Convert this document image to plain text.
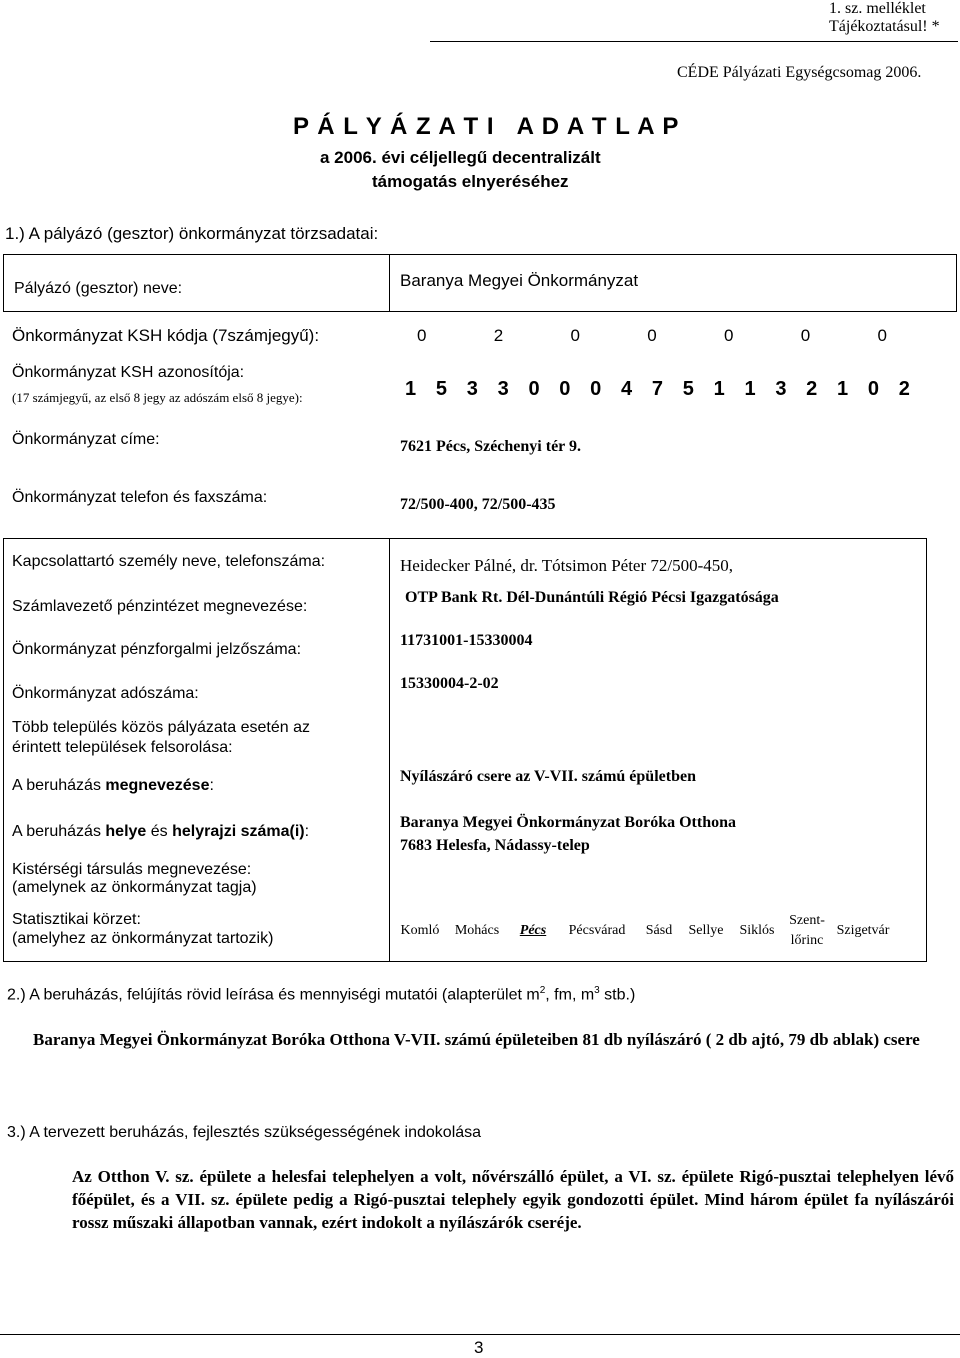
1. sz. melléklet
Tájékoztatásul! *
CÉDE Pályázati Egységcsomag 2006.
P Á L Y Á Z A T I   A D A T L A P
a 2006. évi céljellegű decentralizált
támogatás elnyeréséhez
1.) A pályázó (gesztor) önkormányzat törzsadatai:
Pályázó (gesztor) neve:	Baranya Megyei Önkormányzat
Önkormányzat KSH kódja (7számjegyű):	0	2	0	0	0	0	0
Önkormányzat KSH azonosítója:
(17 számjegyű, az első 8 jegy az adószám első 8 jegye):	1 5 3 3 0 0 0 4 7 5 1 1 3 2 1 0 2
Önkormányzat címe:	7621 Pécs, Széchenyi tér 9.
Önkormányzat telefon és faxszáma:	72/500-400, 72/500-435
Kapcsolattartó személy neve, telefonszáma:	Heidecker Pálné, dr. Tótsimon Péter 72/500-450,
Számlavezető pénzintézet megnevezése:
OTP Bank Rt. Dél-Dunántúli Régió Pécsi Igazgatósága
Önkormányzat pénzforgalmi jelzőszáma:
11731001-15330004
Önkormányzat adószáma:
15330004-2-02
Több település közös pályázata esetén az
érintett települések felsorolása:
A beruházás megnevezése:
Nyílászáró csere az V-VII. számú épületben
A beruházás helye és helyrajzi száma(i):
Baranya Megyei Önkormányzat Boróka Otthona
7683 Helesfa, Nádassy-telep
Kistérségi társulás megnevezése:
(amelynek az önkormányzat tagja)
Statisztikai körzet:
(amelyhez az önkormányzat tartozik)	Komló	Mohács	Pécs	Pécsvárad	Sásd	Sellye	Siklós
Szent-
lőrinc
Szigetvár
2.) A beruházás, felújítás rövid leírása és mennyiségi mutatói (alapterület $m^2$, fm, $m^3$ stb.)
Baranya Megyei Önkormányzat Boróka Otthona V-VII. számú épületeiben 81 db nyílászáró ( 2 db ajtó, 79 db ablak) csere
3.) A tervezett beruházás, fejlesztés szükségességének indokolása
Az Otthon V. sz. épülete a helesfai telephelyen a volt, nővérszálló épület, a VI. sz. épülete Rigó-pusztai telephelyen lévő főépület, és a VII. sz. épülete pedig a Rigó-pusztai telephely egyik gondozotti épület. Mind három épület fa nyílászárói rossz műszaki állapotban vannak, ezért indokolt a nyílászárók cseréje.
3
